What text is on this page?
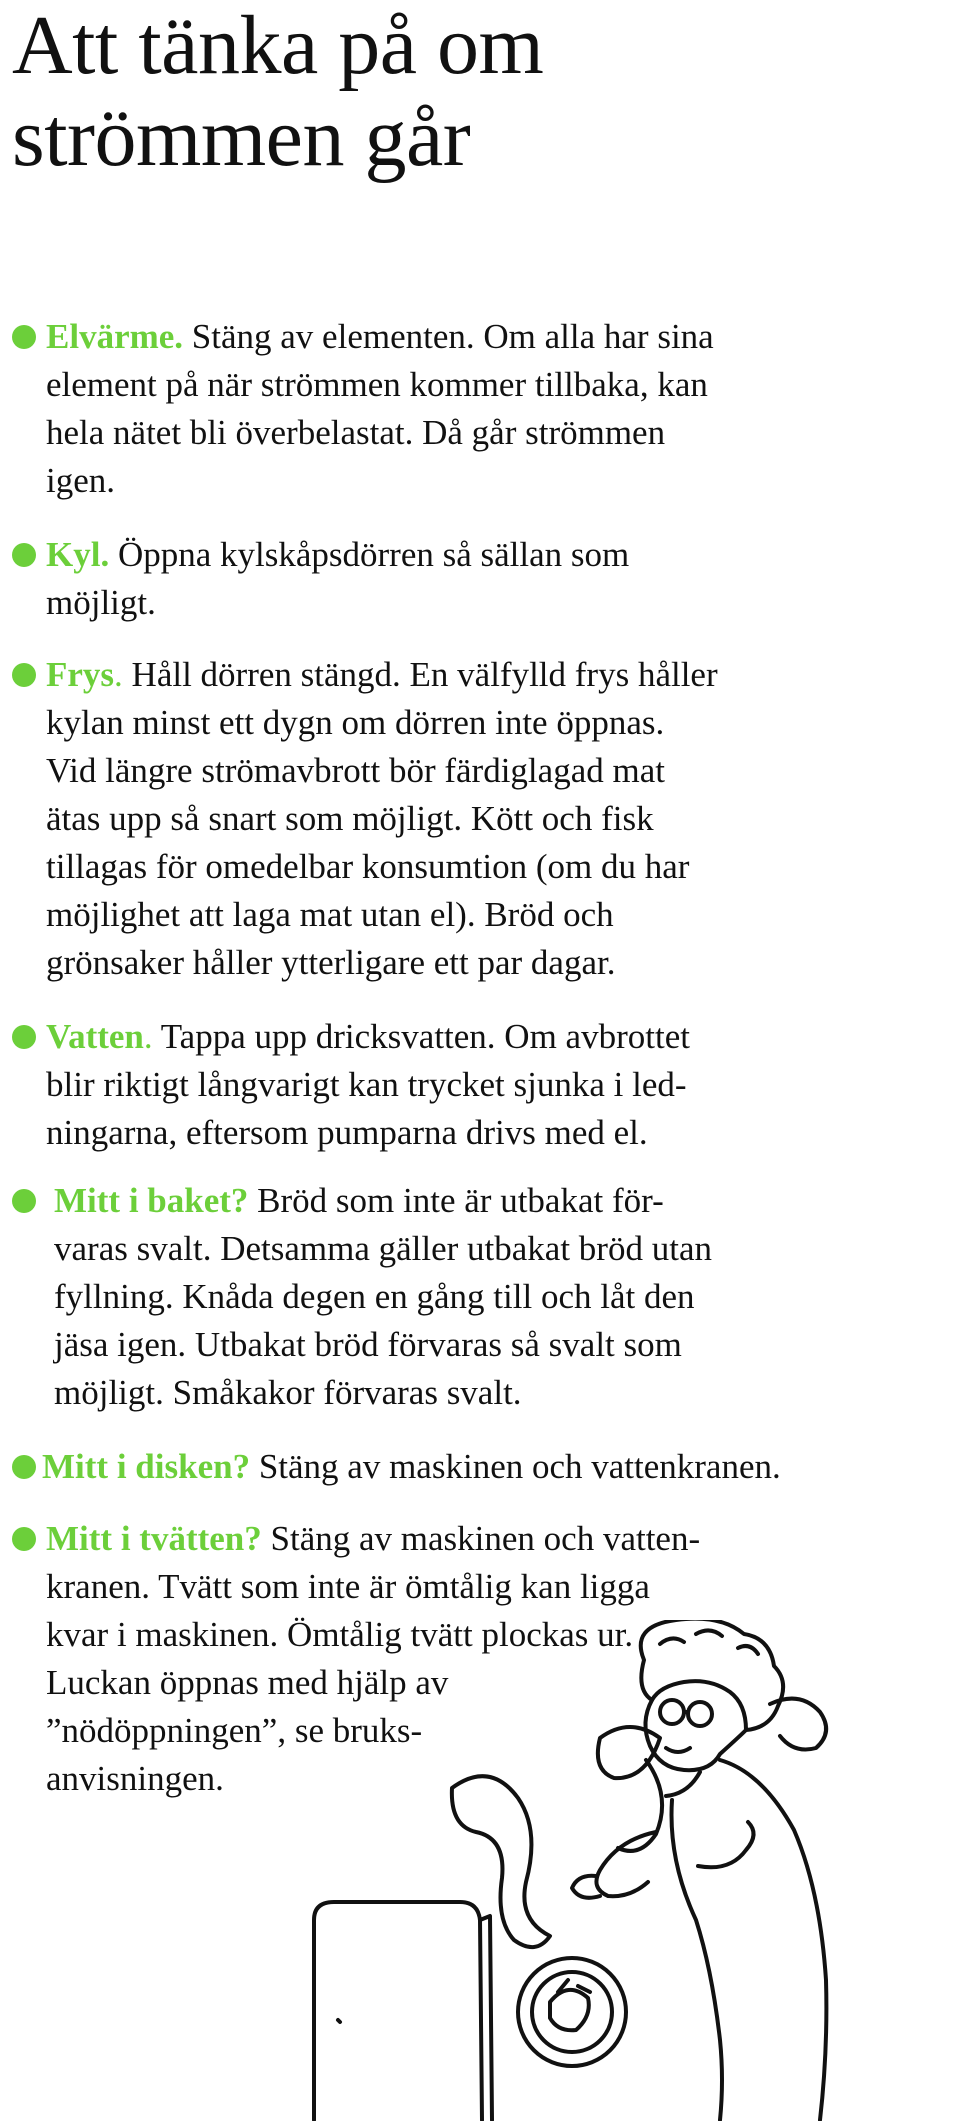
Att tänka på om
strömmen går
Elvärme. Stäng av elementen. Om alla har sina
element på när strömmen kommer tillbaka, kan
hela nätet bli överbelastat. Då går strömmen
igen.
Kyl. Öppna kylskåpsdörren så sällan som
möjligt.
Frys. Håll dörren stängd. En välfylld frys håller
kylan minst ett dygn om dörren inte öppnas.
Vid längre strömavbrott bör färdiglagad mat
ätas upp så snart som möjligt. Kött och fisk
tillagas för omedelbar konsumtion (om du har
möjlighet att laga mat utan el). Bröd och
grönsaker håller ytterligare ett par dagar.
Vatten. Tappa upp dricksvatten. Om avbrottet
blir riktigt långvarigt kan trycket sjunka i led-
ningarna, eftersom pumparna drivs med el.
Mitt i baket? Bröd som inte är utbakat för-
varas svalt. Detsamma gäller utbakat bröd utan
fyllning. Knåda degen en gång till och låt den
jäsa igen. Utbakat bröd förvaras så svalt som
möjligt. Småkakor förvaras svalt.
Mitt i disken? Stäng av maskinen och vattenkranen.
Mitt i tvätten? Stäng av maskinen och vatten-
kranen. Tvätt som inte är ömtålig kan ligga
kvar i maskinen. Ömtålig tvätt plockas ur.
Luckan öppnas med hjälp av
”nödöppningen”, se bruks-
anvisningen.
